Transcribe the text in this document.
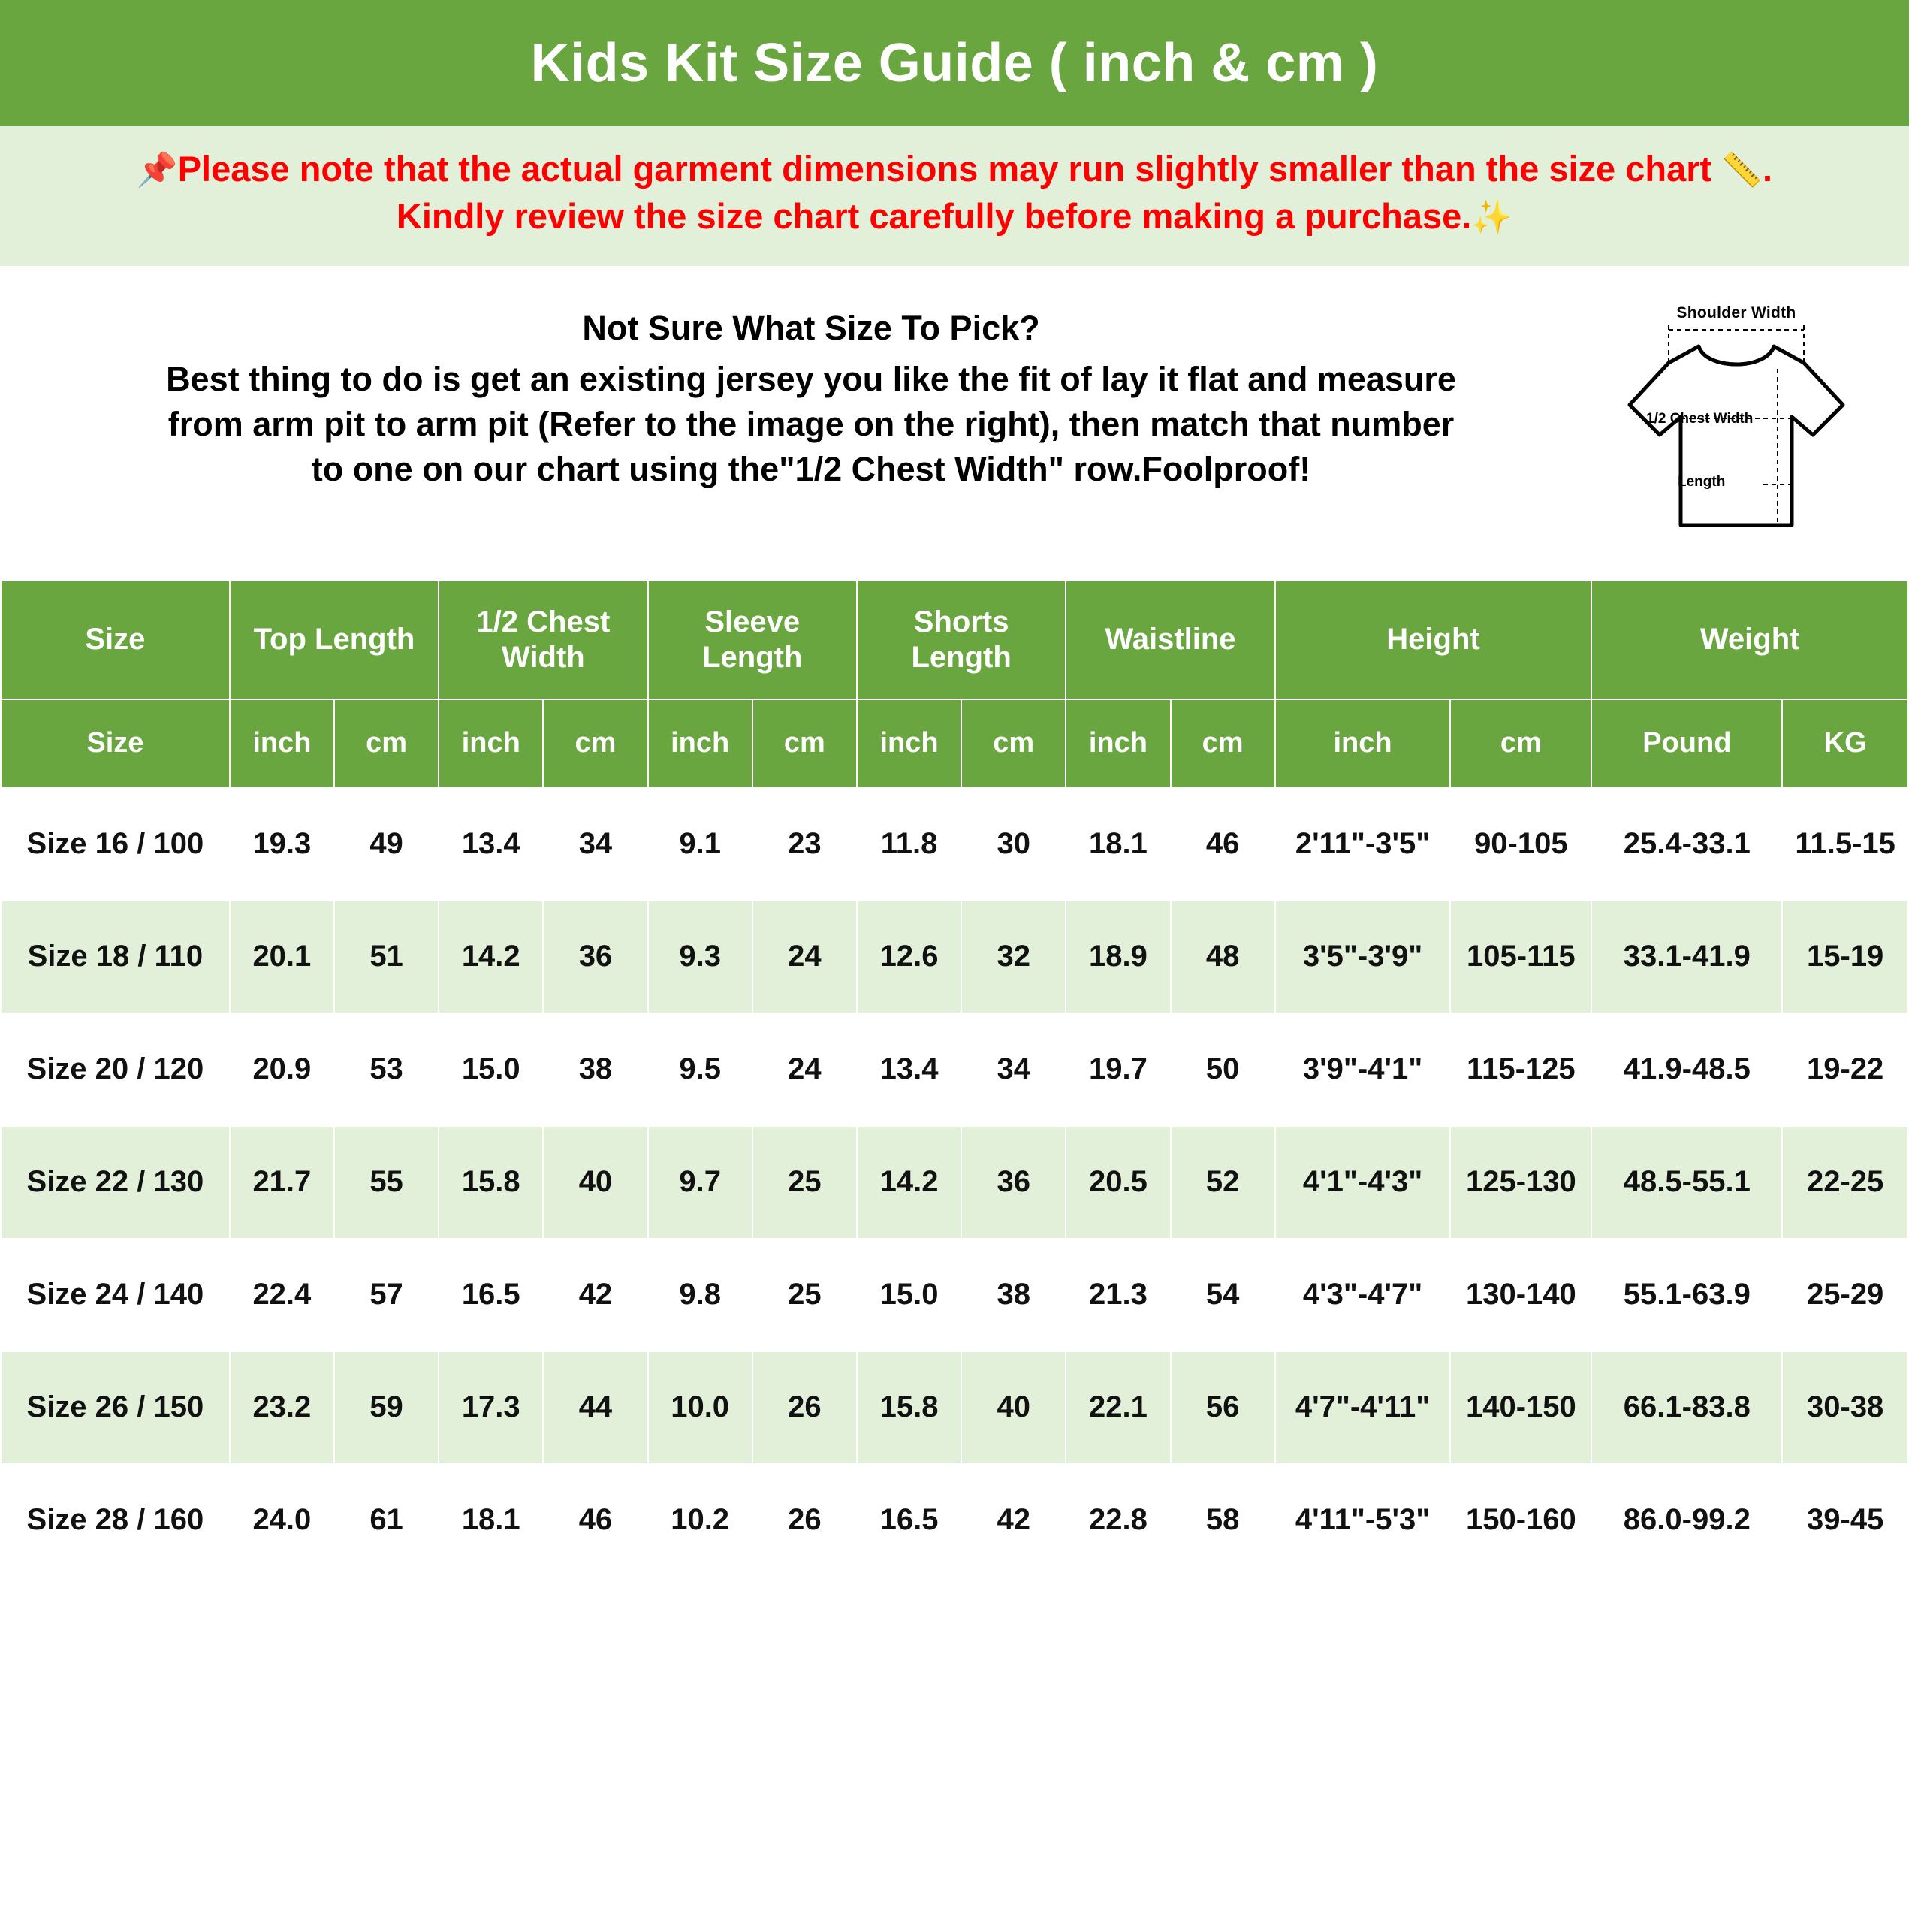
Kids Kit Size Guide ( inch & cm )
📌Please note that the actual garment dimensions may run slightly smaller than the size chart 📏.
Kindly review the size chart carefully before making a purchase.✨
Not Sure What Size To Pick?
Best thing to do is get an existing jersey you like the fit of lay it flat and measure
from arm pit to arm pit (Refer to the image on the right), then match that number
to one on our chart using the"1/2 Chest Width" row.Foolproof!
Shoulder Width
1/2 Chest Width
Length
Size	Top Length		1/2 Chest Width		Sleeve Length		Shorts Length		Waistline		Height		Weight	
Size	inch	cm	inch	cm	inch	cm	inch	cm	inch	cm	inch	cm	Pound	KG
Size 16 / 100	19.3	49	13.4	34	9.1	23	11.8	30	18.1	46	2'11"-3'5"	90-105	25.4-33.1	11.5-15
Size 18 / 110	20.1	51	14.2	36	9.3	24	12.6	32	18.9	48	3'5"-3'9"	105-115	33.1-41.9	15-19
Size 20 / 120	20.9	53	15.0	38	9.5	24	13.4	34	19.7	50	3'9"-4'1"	115-125	41.9-48.5	19-22
Size 22 / 130	21.7	55	15.8	40	9.7	25	14.2	36	20.5	52	4'1"-4'3"	125-130	48.5-55.1	22-25
Size 24 / 140	22.4	57	16.5	42	9.8	25	15.0	38	21.3	54	4'3"-4'7"	130-140	55.1-63.9	25-29
Size 26 / 150	23.2	59	17.3	44	10.0	26	15.8	40	22.1	56	4'7"-4'11"	140-150	66.1-83.8	30-38
Size 28 / 160	24.0	61	18.1	46	10.2	26	16.5	42	22.8	58	4'11"-5'3"	150-160	86.0-99.2	39-45
